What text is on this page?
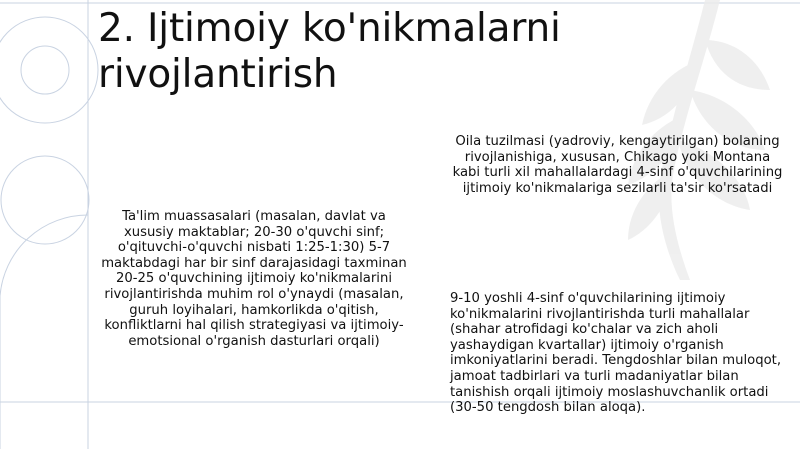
2. Ijtimoiy ko'nikmalarni rivojlantirish

Oila tuzilmasi (yadroviy, kengaytirilgan) bolaning rivojlanishiga, xususan, Chikago yoki Montana kabi turli xil mahallalardagi 4-sinf o'quvchilarining ijtimoiy ko'nikmalariga sezilarli ta'sir ko'rsatadi

Ta'lim muassasalari (masalan, davlat va xususiy maktablar; 20-30 o'quvchi sinf; o'qituvchi-o'quvchi nisbati 1:25-1:30) 5-7 maktabdagi har bir sinf darajasidagi taxminan 20-25 o'quvchining ijtimoiy ko'nikmalarini rivojlantirishda muhim rol o'ynaydi (masalan, guruh loyihalari, hamkorlikda o'qitish, konfliktlarni hal qilish strategiyasi va ijtimoiy-emotsional o'rganish dasturlari orqali)

9-10 yoshli 4-sinf o'quvchilarining ijtimoiy ko'nikmalarini rivojlantirishda turli mahallalar (shahar atrofidagi ko'chalar va zich aholi yashaydigan kvartallar) ijtimoiy o'rganish imkoniyatlarini beradi. Tengdoshlar bilan muloqot, jamoat tadbirlari va turli madaniyatlar bilan tanishish orqali ijtimoiy moslashuvchanlik ortadi (30-50 tengdosh bilan aloqa).
